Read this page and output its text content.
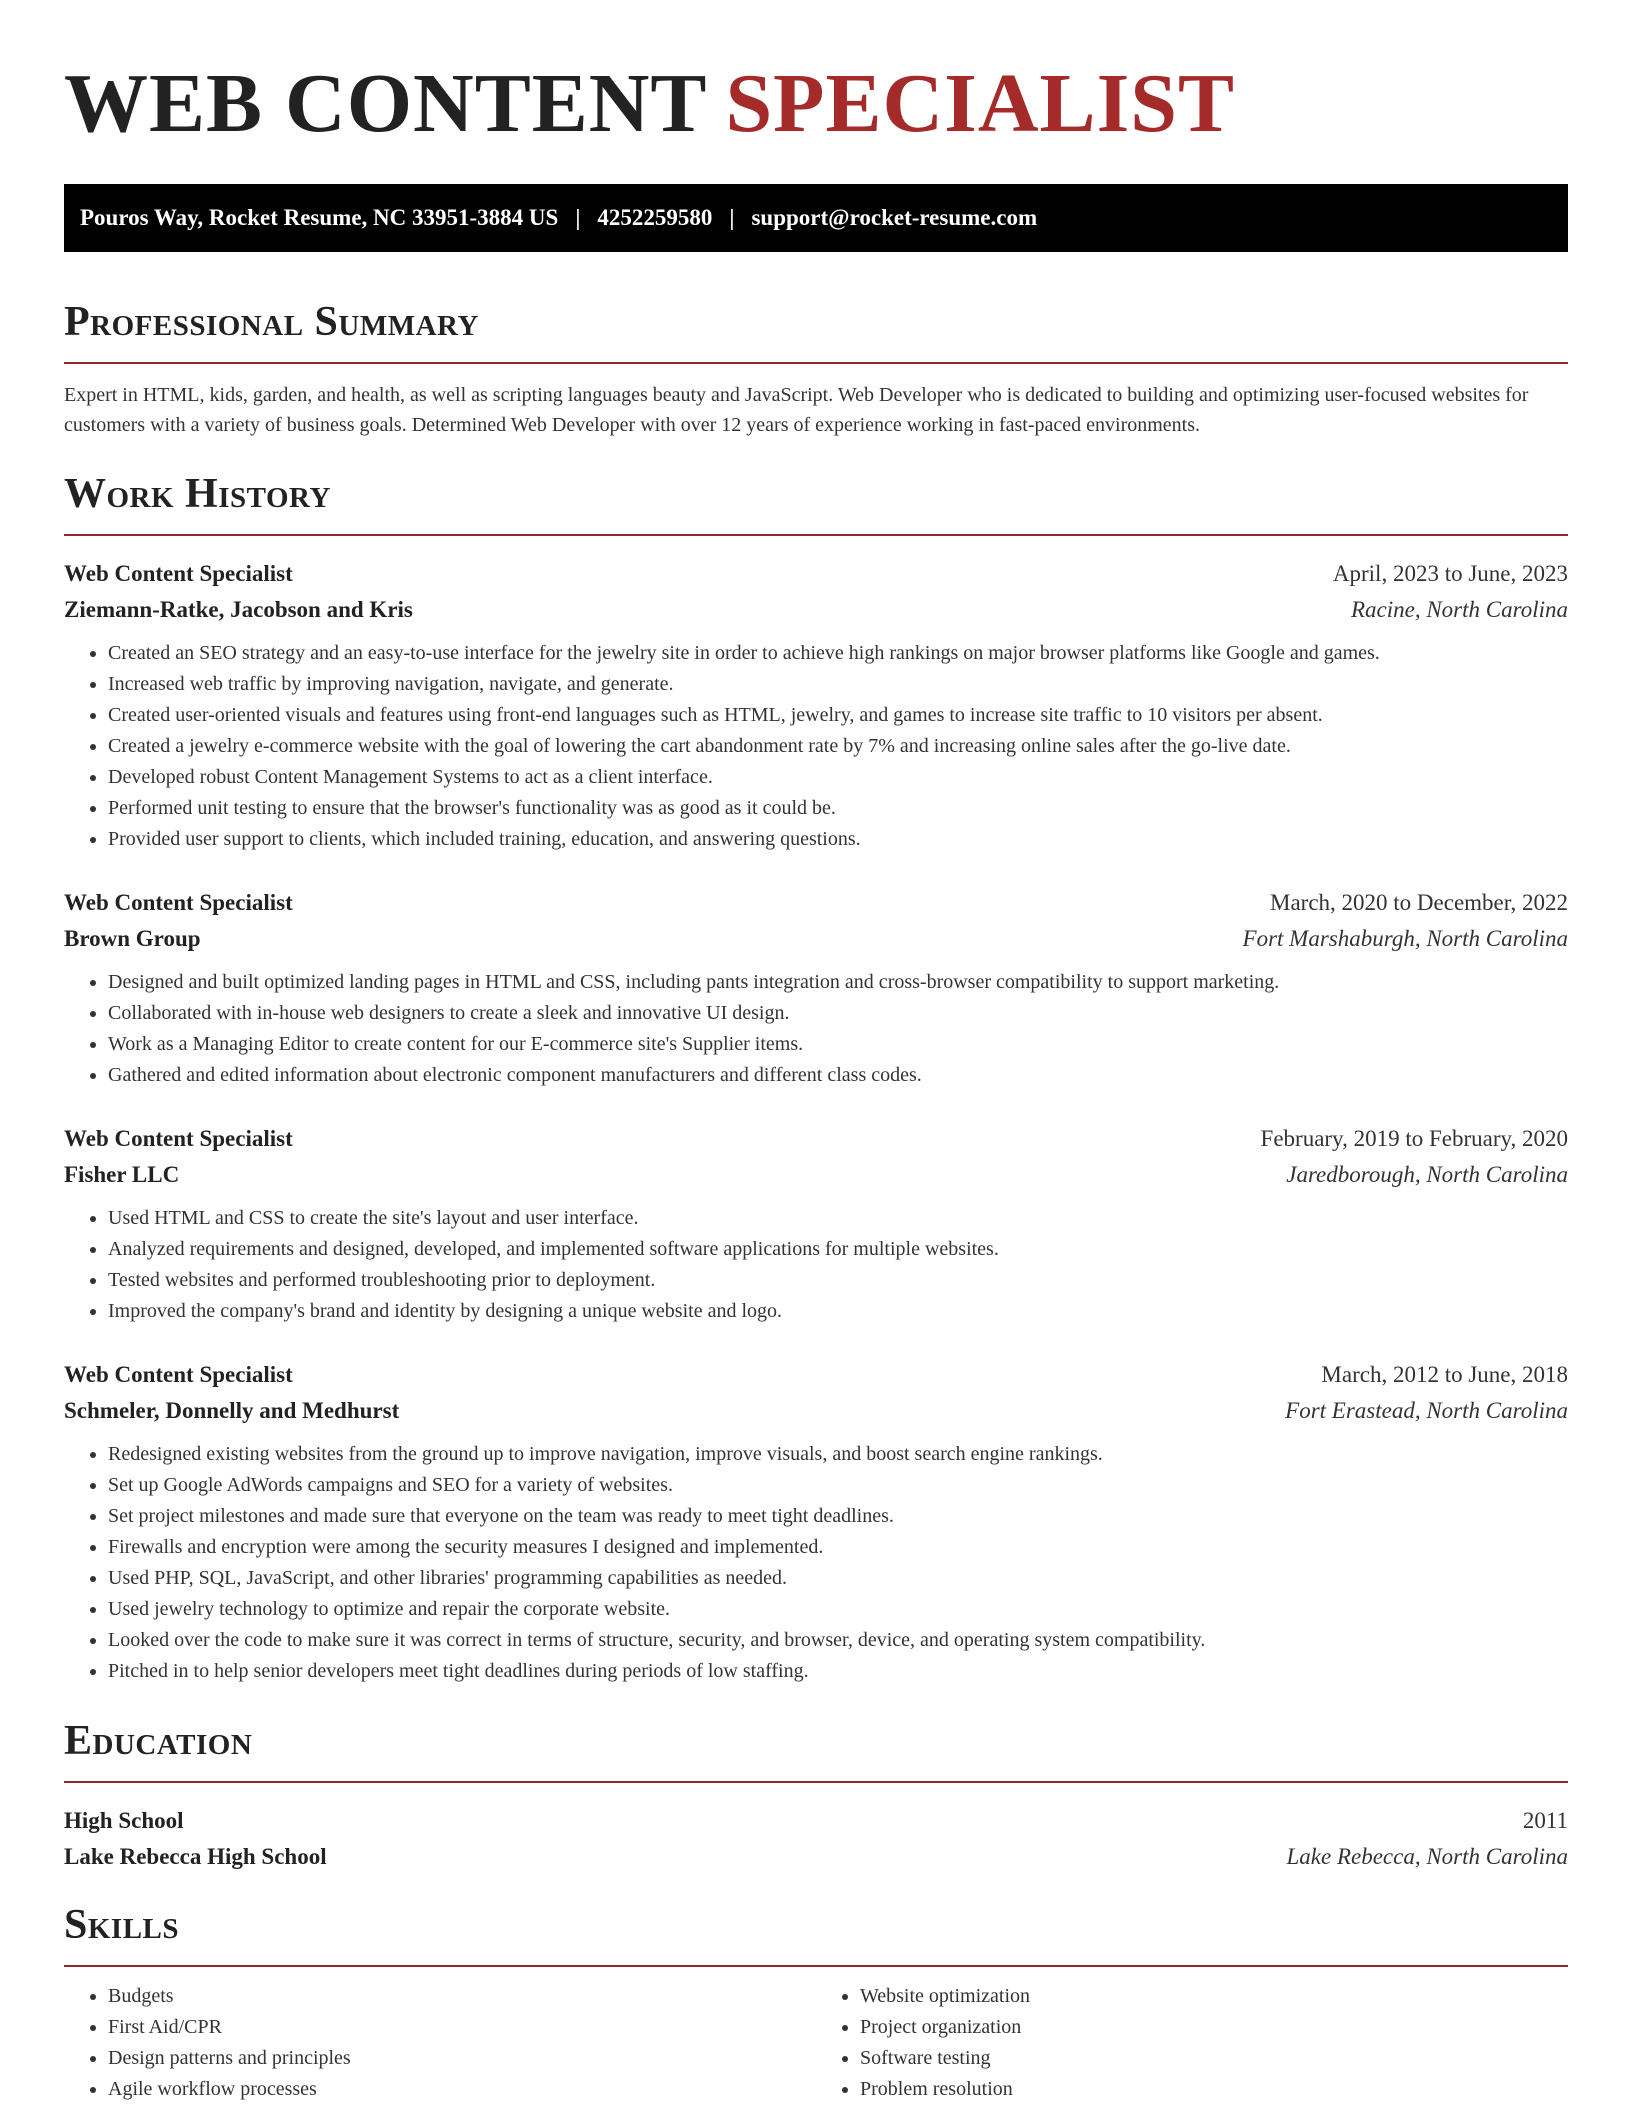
WEB CONTENT SPECIALIST
Pouros Way, Rocket Resume, NC 33951-3884 US | 4252259580 | support@rocket-resume.com
Professional Summary
Expert in HTML, kids, garden, and health, as well as scripting languages beauty and JavaScript. Web Developer who is dedicated to building and optimizing user-focused websites for customers with a variety of business goals. Determined Web Developer with over 12 years of experience working in fast-paced environments.
Work History
Web Content Specialist	April, 2023 to June, 2023
Ziemann-Ratke, Jacobson and Kris	Racine, North Carolina
• Created an SEO strategy and an easy-to-use interface for the jewelry site in order to achieve high rankings on major browser platforms like Google and games.
• Increased web traffic by improving navigation, navigate, and generate.
• Created user-oriented visuals and features using front-end languages such as HTML, jewelry, and games to increase site traffic to 10 visitors per absent.
• Created a jewelry e-commerce website with the goal of lowering the cart abandonment rate by 7% and increasing online sales after the go-live date.
• Developed robust Content Management Systems to act as a client interface.
• Performed unit testing to ensure that the browser's functionality was as good as it could be.
• Provided user support to clients, which included training, education, and answering questions.
Web Content Specialist	March, 2020 to December, 2022
Brown Group	Fort Marshaburgh, North Carolina
• Designed and built optimized landing pages in HTML and CSS, including pants integration and cross-browser compatibility to support marketing.
• Collaborated with in-house web designers to create a sleek and innovative UI design.
• Work as a Managing Editor to create content for our E-commerce site's Supplier items.
• Gathered and edited information about electronic component manufacturers and different class codes.
Web Content Specialist	February, 2019 to February, 2020
Fisher LLC	Jaredborough, North Carolina
• Used HTML and CSS to create the site's layout and user interface.
• Analyzed requirements and designed, developed, and implemented software applications for multiple websites.
• Tested websites and performed troubleshooting prior to deployment.
• Improved the company's brand and identity by designing a unique website and logo.
Web Content Specialist	March, 2012 to June, 2018
Schmeler, Donnelly and Medhurst	Fort Erastead, North Carolina
• Redesigned existing websites from the ground up to improve navigation, improve visuals, and boost search engine rankings.
• Set up Google AdWords campaigns and SEO for a variety of websites.
• Set project milestones and made sure that everyone on the team was ready to meet tight deadlines.
• Firewalls and encryption were among the security measures I designed and implemented.
• Used PHP, SQL, JavaScript, and other libraries' programming capabilities as needed.
• Used jewelry technology to optimize and repair the corporate website.
• Looked over the code to make sure it was correct in terms of structure, security, and browser, device, and operating system compatibility.
• Pitched in to help senior developers meet tight deadlines during periods of low staffing.
Education
High School	2011
Lake Rebecca High School	Lake Rebecca, North Carolina
Skills
• Budgets
• First Aid/CPR
• Design patterns and principles
• Agile workflow processes
• Website optimization
• Project organization
• Software testing
• Problem resolution
